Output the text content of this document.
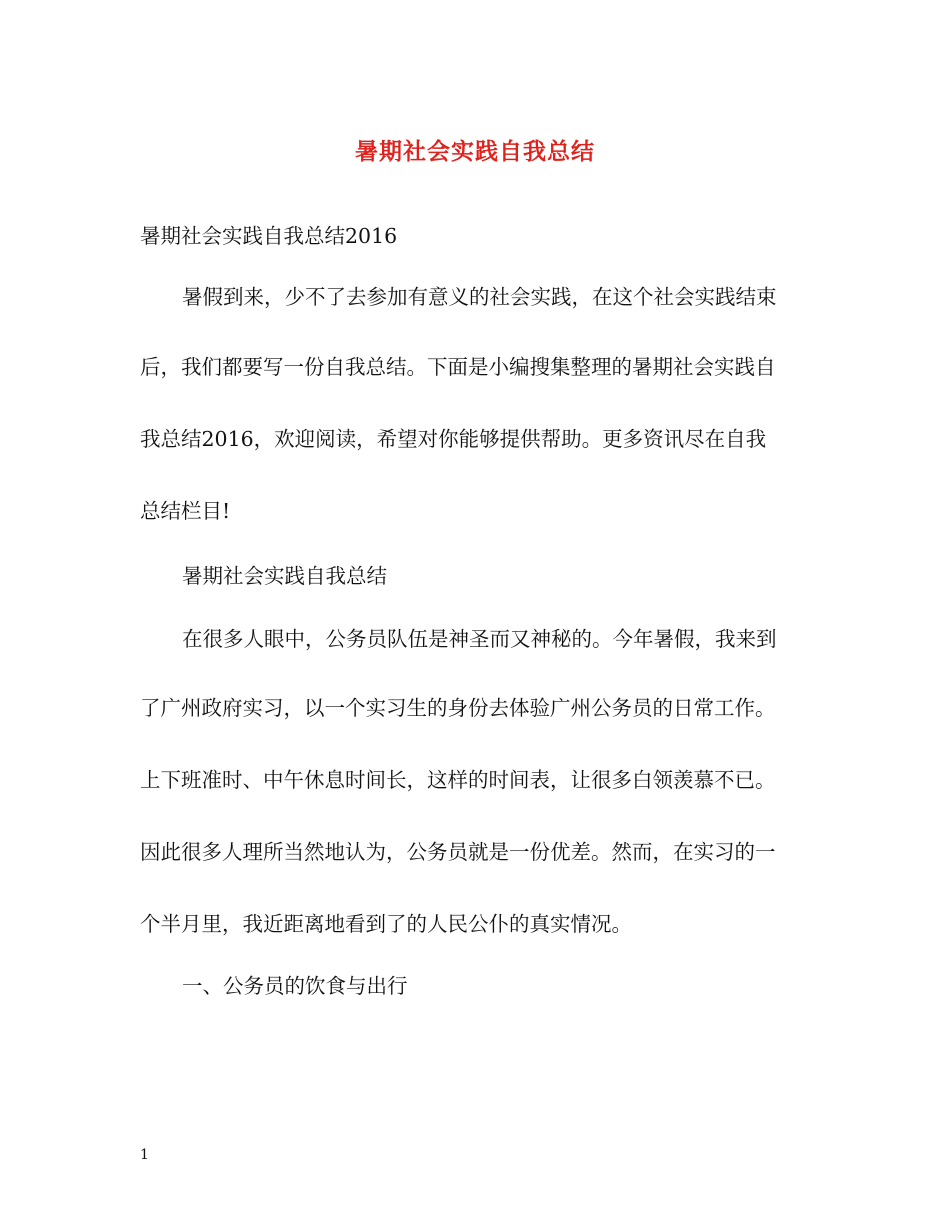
暑期社会实践自我总结

暑期社会实践自我总结2016

暑假到来，少不了去参加有意义的社会实践，在这个社会实践结束

后，我们都要写一份自我总结。下面是小编搜集整理的暑期社会实践自

我总结2016，欢迎阅读，希望对你能够提供帮助。更多资讯尽在自我

总结栏目!

暑期社会实践自我总结

在很多人眼中，公务员队伍是神圣而又神秘的。今年暑假，我来到

了广州政府实习，以一个实习生的身份去体验广州公务员的日常工作。

上下班准时、中午休息时间长，这样的时间表，让很多白领羡慕不已。

因此很多人理所当然地认为，公务员就是一份优差。然而，在实习的一

个半月里，我近距离地看到了的人民公仆的真实情况。

一、公务员的饮食与出行

1
